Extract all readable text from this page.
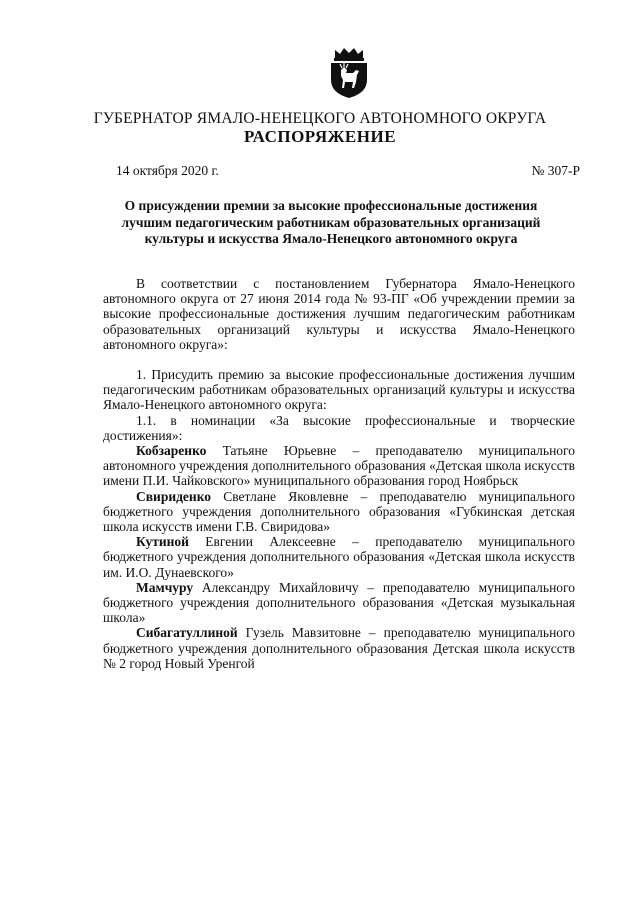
ГУБЕРНАТОР ЯМАЛО-НЕНЕЦКОГО АВТОНОМНОГО ОКРУГА
РАСПОРЯЖЕНИЕ
14 октября 2020 г.	№ 307-Р
О присуждении премии за высокие профессиональные достижения лучшим педагогическим работникам образовательных организаций культуры и искусства Ямало-Ненецкого автономного округа

В соответствии с постановлением Губернатора Ямало-Ненецкого автономного округа от 27 июня 2014 года № 93-ПГ «Об учреждении премии за высокие профессиональные достижения лучшим педагогическим работникам образовательных организаций культуры и искусства Ямало-Ненецкого автономного округа»:

1. Присудить премию за высокие профессиональные достижения лучшим педагогическим работникам образовательных организаций культуры и искусства Ямало-Ненецкого автономного округа:

1.1. в номинации «За высокие профессиональные и творческие достижения»:

Кобзаренко Татьяне Юрьевне – преподавателю муниципального автономного учреждения дополнительного образования «Детская школа искусств имени П.И. Чайковского» муниципального образования город Ноябрьск

Свириденко Светлане Яковлевне – преподавателю муниципального бюджетного учреждения дополнительного образования «Губкинская детская школа искусств имени Г.В. Свиридова»

Кутиной Евгении Алексеевне – преподавателю муниципального бюджетного учреждения дополнительного образования «Детская школа искусств им. И.О. Дунаевского»

Мамчуру Александру Михайловичу – преподавателю муниципального бюджетного учреждения дополнительного образования «Детская музыкальная школа»

Сибагатуллиной Гузель Мавзитовне – преподавателю муниципального бюджетного учреждения дополнительного образования Детская школа искусств № 2 город Новый Уренгой
